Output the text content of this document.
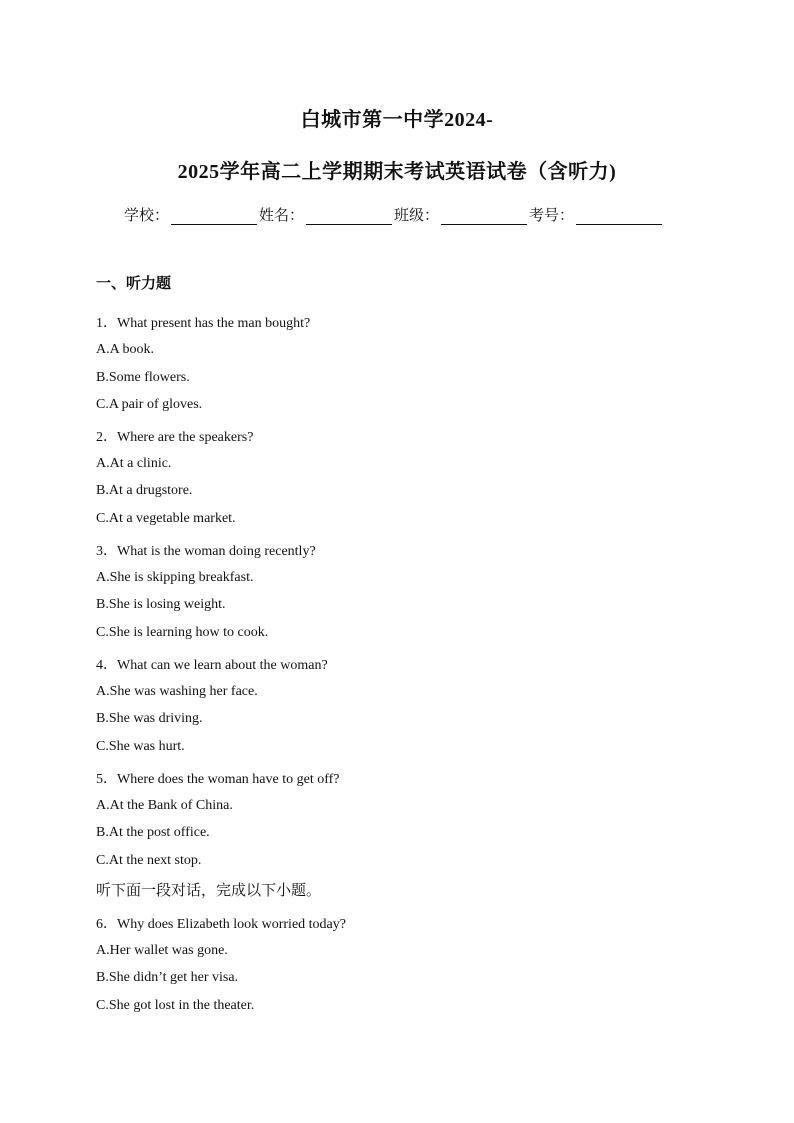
白城市第一中学2024-
2025学年高二上学期期末考试英语试卷（含听力)
学校：	姓名：	班级：	考号：
一、听力题
1．What present has the man bought?
A.A book.
B.Some flowers.
C.A pair of gloves.
2．Where are the speakers?
A.At a clinic.
B.At a drugstore.
C.At a vegetable market.
3．What is the woman doing recently?
A.She is skipping breakfast.
B.She is losing weight.
C.She is learning how to cook.
4．What can we learn about the woman?
A.She was washing her face.
B.She was driving.
C.She was hurt.
5．Where does the woman have to get off?
A.At the Bank of China.
B.At the post office.
C.At the next stop.
听下面一段对话，完成以下小题。
6．Why does Elizabeth look worried today?
A.Her wallet was gone.
B.She didn’t get her visa.
C.She got lost in the theater.
